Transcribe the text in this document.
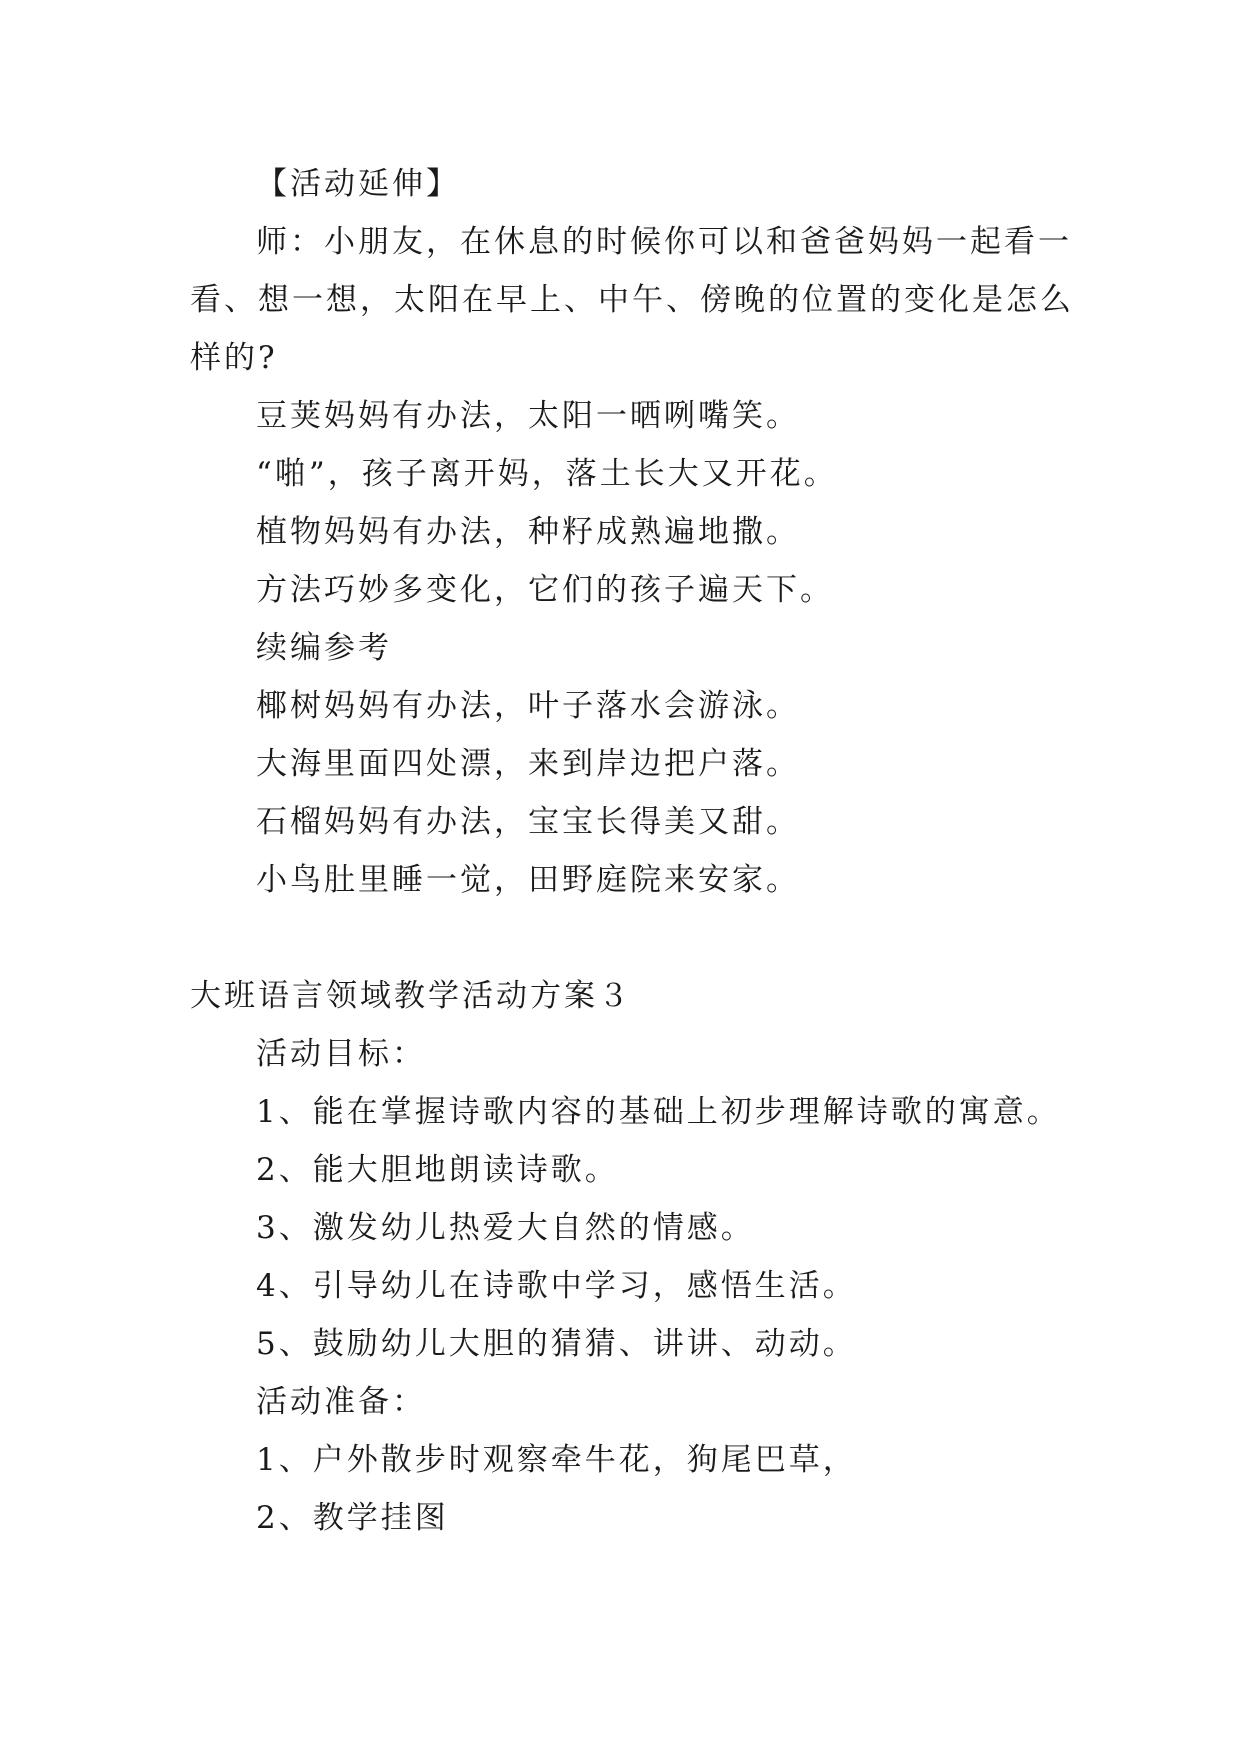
【活动延伸】
师：小朋友，在休息的时候你可以和爸爸妈妈一起看一
看、想一想，太阳在早上、中午、傍晚的位置的变化是怎么
样的?
豆荚妈妈有办法，太阳一晒咧嘴笑。
“啪”，孩子离开妈，落土长大又开花。
植物妈妈有办法，种籽成熟遍地撒。
方法巧妙多变化，它们的孩子遍天下。
续编参考
椰树妈妈有办法，叶子落水会游泳。
大海里面四处漂，来到岸边把户落。
石榴妈妈有办法，宝宝长得美又甜。
小鸟肚里睡一觉，田野庭院来安家。
大班语言领域教学活动方案３
活动目标：
1、能在掌握诗歌内容的基础上初步理解诗歌的寓意。
2、能大胆地朗读诗歌。
3、激发幼儿热爱大自然的情感。
4、引导幼儿在诗歌中学习，感悟生活。
5、鼓励幼儿大胆的猜猜、讲讲、动动。
活动准备：
1、户外散步时观察牵牛花，狗尾巴草，
2、教学挂图
